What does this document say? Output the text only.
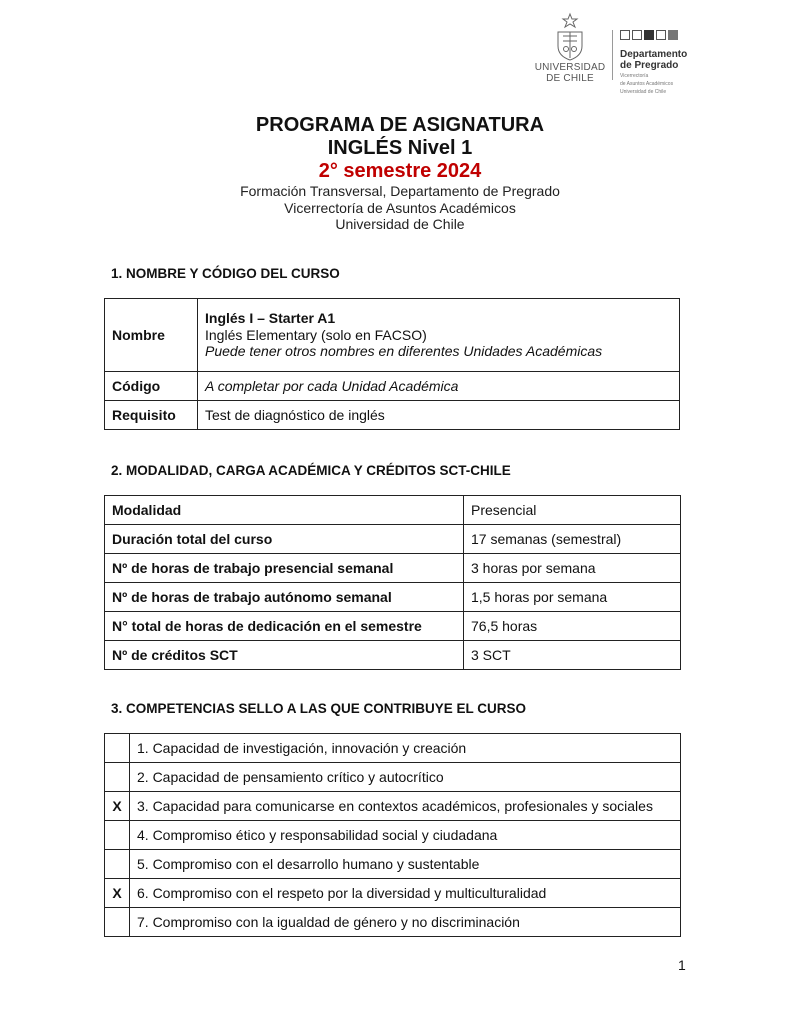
UNIVERSIDAD
DE CHILE
Departamento
de Pregrado
Vicerrectoría
de Asuntos Académicos
Universidad de Chile
PROGRAMA DE ASIGNATURA
INGLÉS Nivel 1
2° semestre 2024
Formación Transversal, Departamento de Pregrado
Vicerrectoría de Asuntos Académicos
Universidad de Chile
1. NOMBRE Y CÓDIGO DEL CURSO
Nombre	Inglés I – Starter A1
Inglés Elementary (solo en FACSO)
Puede tener otros nombres en diferentes Unidades Académicas

Código	A completar por cada Unidad Académica
Requisito	Test de diagnóstico de inglés
2. MODALIDAD, CARGA ACADÉMICA Y CRÉDITOS SCT-CHILE
Modalidad	Presencial
Duración total del curso	17 semanas (semestral)
Nº de horas de trabajo presencial semanal	3 horas por semana
Nº de horas de trabajo autónomo semanal	1,5 horas por semana
N° total de horas de dedicación en el semestre	76,5 horas
Nº de créditos SCT	3 SCT
3. COMPETENCIAS SELLO A LAS QUE CONTRIBUYE EL CURSO
	1. Capacidad de investigación, innovación y creación
	2. Capacidad de pensamiento crítico y autocrítico
X	3. Capacidad para comunicarse en contextos académicos, profesionales y sociales
	4. Compromiso ético y responsabilidad social y ciudadana
	5. Compromiso con el desarrollo humano y sustentable
X	6. Compromiso con el respeto por la diversidad y multiculturalidad
	7. Compromiso con la igualdad de género y no discriminación
1
